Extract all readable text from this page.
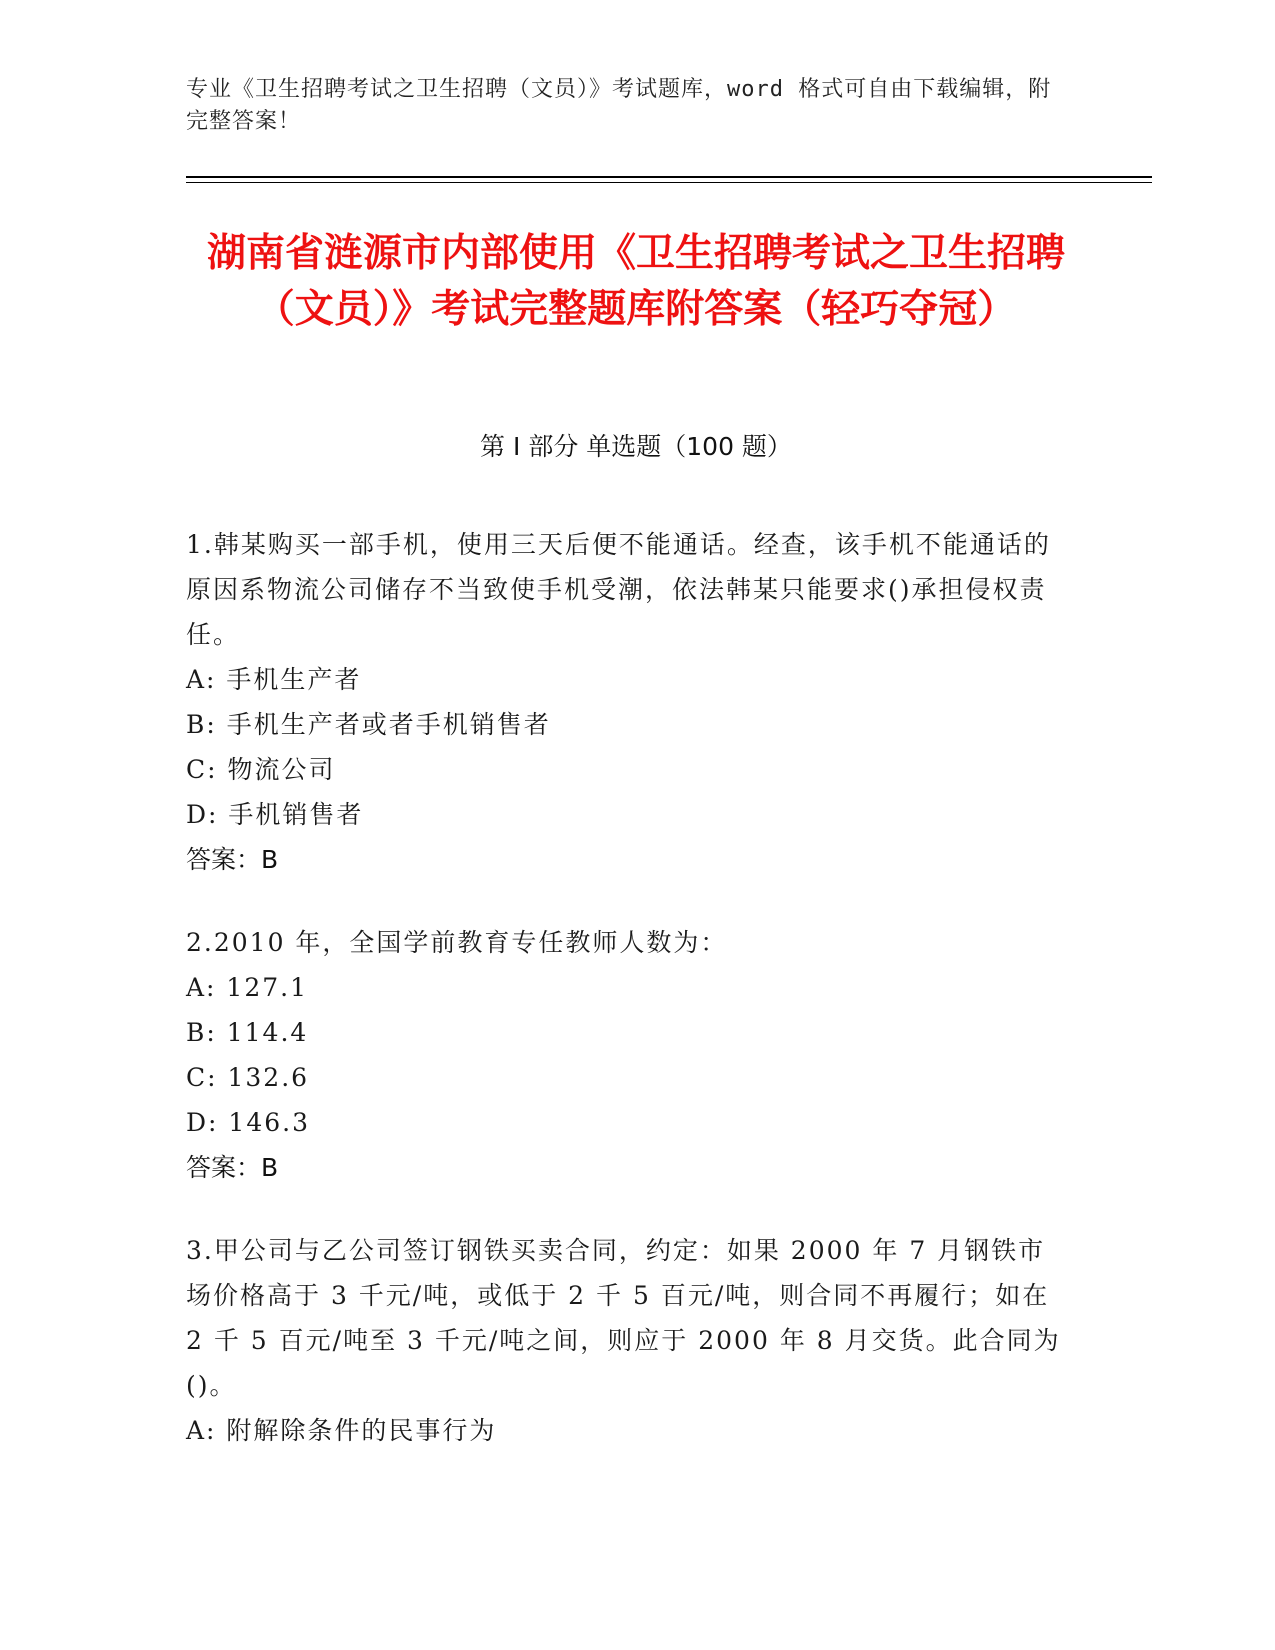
专业《卫生招聘考试之卫生招聘（文员）》考试题库，word 格式可自由下载编辑，附完整答案！
湖南省涟源市内部使用《卫生招聘考试之卫生招聘（文员）》考试完整题库附答案（轻巧夺冠）
第 I 部分 单选题（100 题）

1.韩某购买一部手机，使用三天后便不能通话。经查，该手机不能通话的原因系物流公司储存不当致使手机受潮，依法韩某只能要求()承担侵权责任。

A: 手机生产者

B: 手机生产者或者手机销售者

C: 物流公司

D: 手机销售者

答案：B

2.2010 年，全国学前教育专任教师人数为：

A: 127.1

B: 114.4

C: 132.6

D: 146.3

答案：B

3.甲公司与乙公司签订钢铁买卖合同，约定：如果 2000 年 7 月钢铁市场价格高于 3 千元/吨，或低于 2 千 5 百元/吨，则合同不再履行；如在 2 千 5 百元/吨至 3 千元/吨之间，则应于 2000 年 8 月交货。此合同为()。

A: 附解除条件的民事行为
